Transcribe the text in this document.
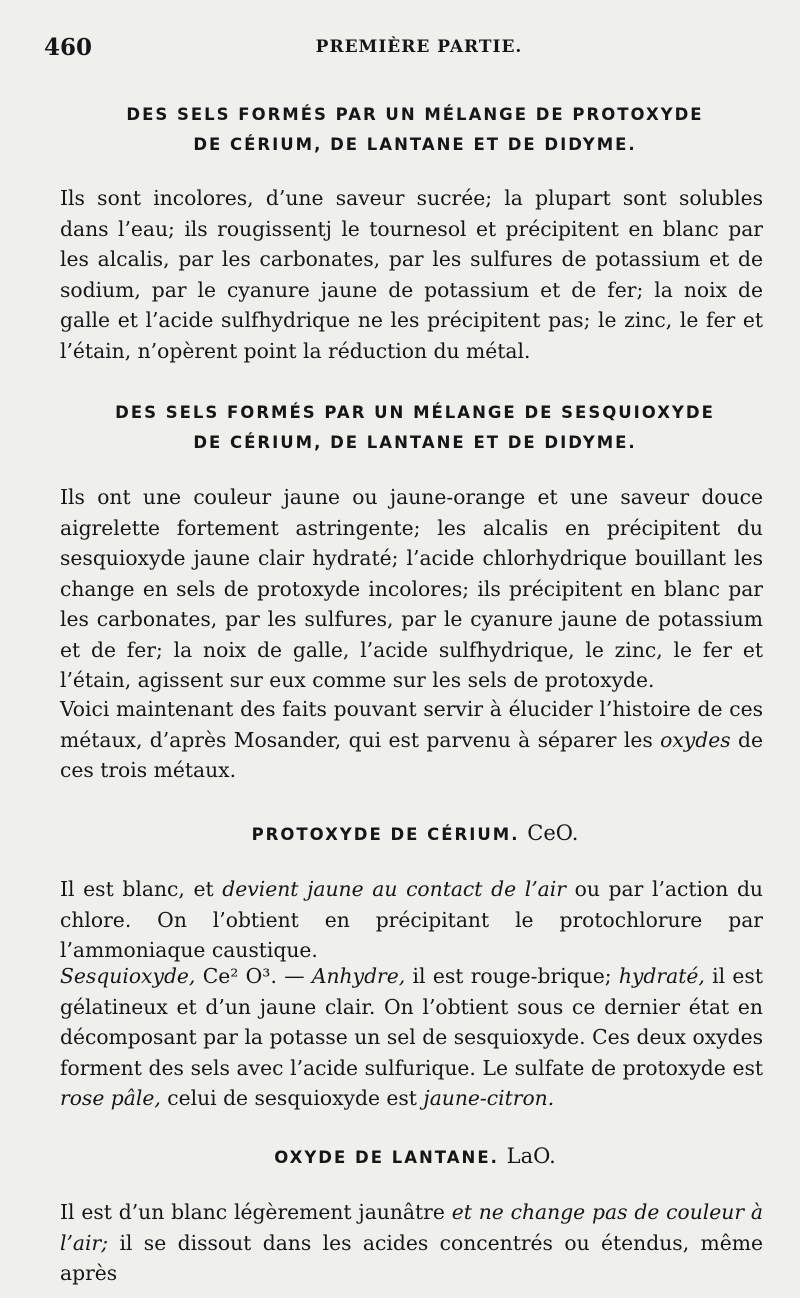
460	PREMIÈRE PARTIE.
DES SELS FORMÉS PAR UN MÉLANGE DE PROTOXYDE
DE CÉRIUM, DE LANTANE ET DE DIDYME.

Ils sont incolores, d’une saveur sucrée; la plupart sont solubles dans l’eau; ils rougissentj le tournesol et précipitent en blanc par les alcalis, par les carbonates, par les sulfures de potassium et de sodium, par le cyanure jaune de potassium et de fer; la noix de galle et l’acide sulfhydrique ne les précipitent pas; le zinc, le fer et l’étain, n’opèrent point la réduction du métal.

DES SELS FORMÉS PAR UN MÉLANGE DE SESQUIOXYDE
DE CÉRIUM, DE LANTANE ET DE DIDYME.

Ils ont une couleur jaune ou jaune-orange et une saveur douce aigrelette fortement astringente; les alcalis en précipitent du sesquioxyde jaune clair hydraté; l’acide chlorhydrique bouillant les change en sels de protoxyde incolores; ils précipitent en blanc par les carbonates, par les sulfures, par le cyanure jaune de potassium et de fer; la noix de galle, l’acide sulfhydrique, le zinc, le fer et l’étain, agissent sur eux comme sur les sels de protoxyde.

Voici maintenant des faits pouvant servir à élucider l’histoire de ces métaux, d’après Mosander, qui est parvenu à séparer les oxydes de ces trois métaux.

PROTOXYDE DE CÉRIUM. CeO.

Il est blanc, et devient jaune au contact de l’air ou par l’action du chlore. On l’obtient en précipitant le protochlorure par l’ammoniaque caustique.

Sesquioxyde, Ce² O³. — Anhydre, il est rouge-brique; hydraté, il est gélatineux et d’un jaune clair. On l’obtient sous ce dernier état en décomposant par la potasse un sel de sesquioxyde. Ces deux oxydes forment des sels avec l’acide sulfurique. Le sulfate de protoxyde est rose pâle, celui de sesquioxyde est jaune-citron.

OXYDE DE LANTANE. LaO.

Il est d’un blanc légèrement jaunâtre et ne change pas de couleur à l’air; il se dissout dans les acides concentrés ou étendus, même après
